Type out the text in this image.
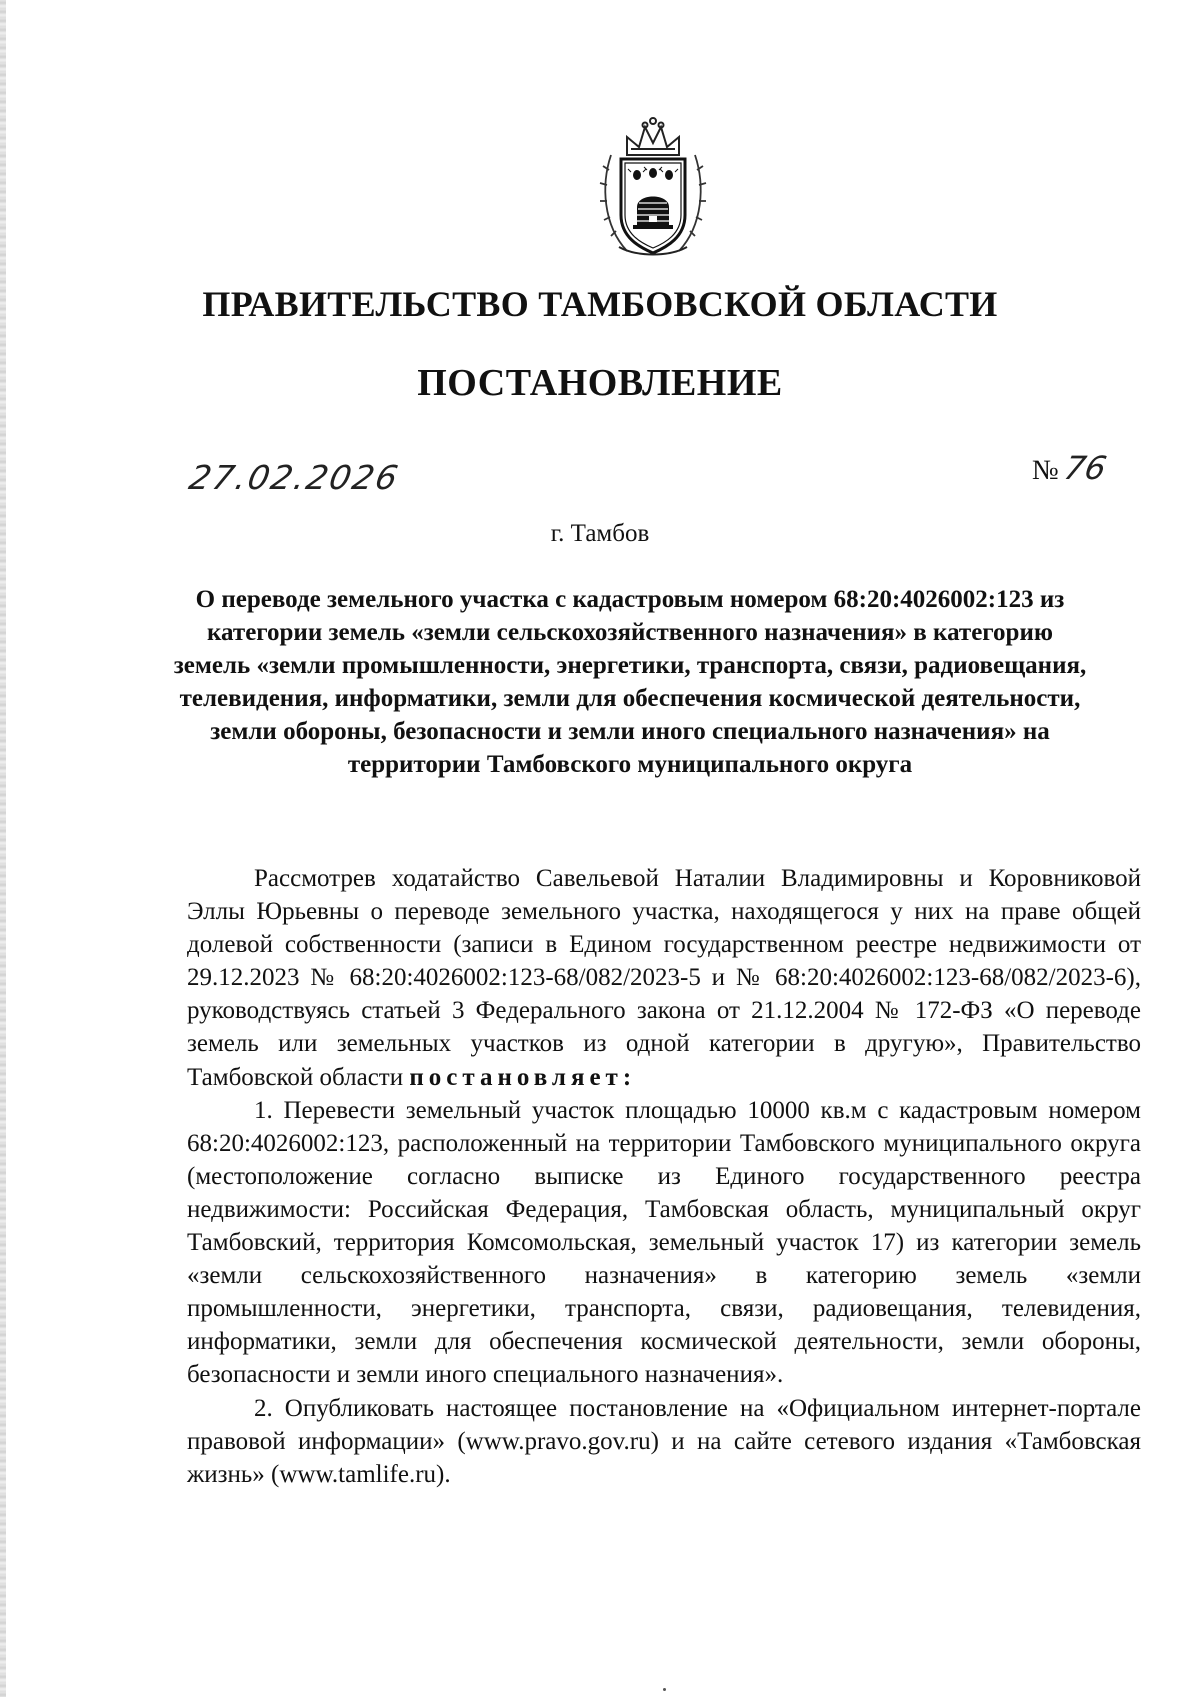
ПРАВИТЕЛЬСТВО ТАМБОВСКОЙ ОБЛАСТИ
ПОСТАНОВЛЕНИЕ
27.02.2026	№76
г. Тамбов

О переводе земельного участка с кадастровым номером 68:20:4026002:123 из категории земель «земли сельскохозяйственного назначения» в категорию земель «земли промышленности, энергетики, транспорта, связи, радиовещания, телевидения, информатики, земли для обеспечения космической деятельности, земли обороны, безопасности и земли иного специального назначения» на территории Тамбовского муниципального округа

Рассмотрев ходатайство Савельевой Наталии Владимировны и Коровниковой Эллы Юрьевны о переводе земельного участка, находящегося у них на праве общей долевой собственности (записи в Едином государственном реестре недвижимости от 29.12.2023 № 68:20:4026002:123-68/082/2023-5 и № 68:20:4026002:123-68/082/2023-6), руководствуясь статьей 3 Федерального закона от 21.12.2004 № 172-ФЗ «О переводе земель или земельных участков из одной категории в другую», Правительство Тамбовской области постановляет:

1. Перевести земельный участок площадью 10000 кв.м с кадастровым номером 68:20:4026002:123, расположенный на территории Тамбовского муниципального округа (местоположение согласно выписке из Единого государственного реестра недвижимости: Российская Федерация, Тамбовская область, муниципальный округ Тамбовский, территория Комсомольская, земельный участок 17) из категории земель «земли сельскохозяйственного назначения» в категорию земель «земли промышленности, энергетики, транспорта, связи, радиовещания, телевидения, информатики, земли для обеспечения космической деятельности, земли обороны, безопасности и земли иного специального назначения».

2. Опубликовать настоящее постановление на «Официальном интернет-портале правовой информации» (www.pravo.gov.ru) и на сайте сетевого издания «Тамбовская жизнь» (www.tamlife.ru).
